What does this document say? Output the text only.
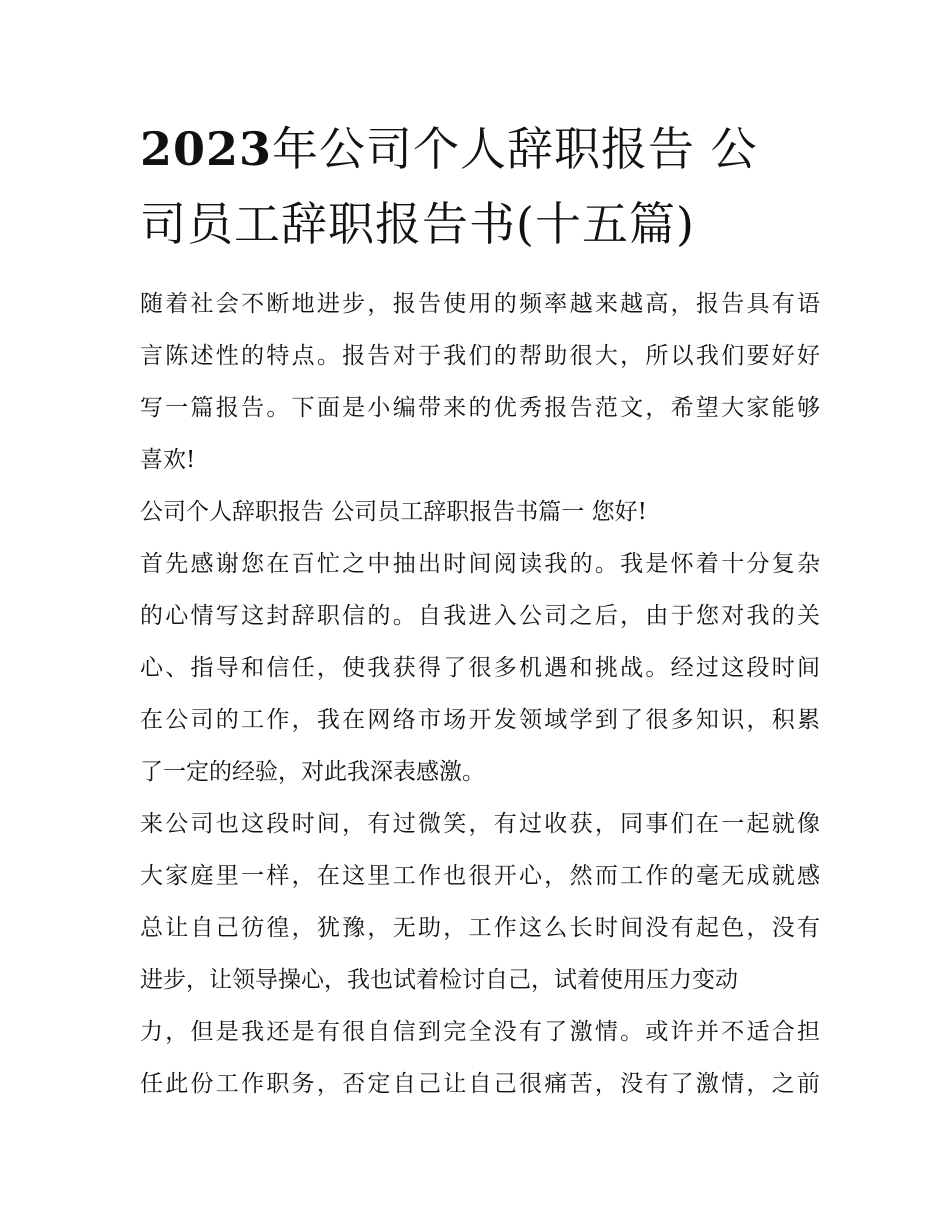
2023年公司个人辞职报告 公
司员工辞职报告书(十五篇)
随着社会不断地进步，报告使用的频率越来越高，报告具有语
言陈述性的特点。报告对于我们的帮助很大，所以我们要好好
写一篇报告。下面是小编带来的优秀报告范文，希望大家能够
喜欢!
公司个人辞职报告 公司员工辞职报告书篇一 您好!
首先感谢您在百忙之中抽出时间阅读我的。我是怀着十分复杂
的心情写这封辞职信的。自我进入公司之后，由于您对我的关
心、指导和信任，使我获得了很多机遇和挑战。经过这段时间
在公司的工作，我在网络市场开发领域学到了很多知识，积累
了一定的经验，对此我深表感激。
来公司也这段时间，有过微笑，有过收获，同事们在一起就像
大家庭里一样，在这里工作也很开心，然而工作的毫无成就感
总让自己彷徨，犹豫，无助，工作这么长时间没有起色，没有
进步，让领导操心，我也试着检讨自己，试着使用压力变动
力，但是我还是有很自信到完全没有了激情。或许并不适合担
任此份工作职务，否定自己让自己很痛苦，没有了激情，之前
